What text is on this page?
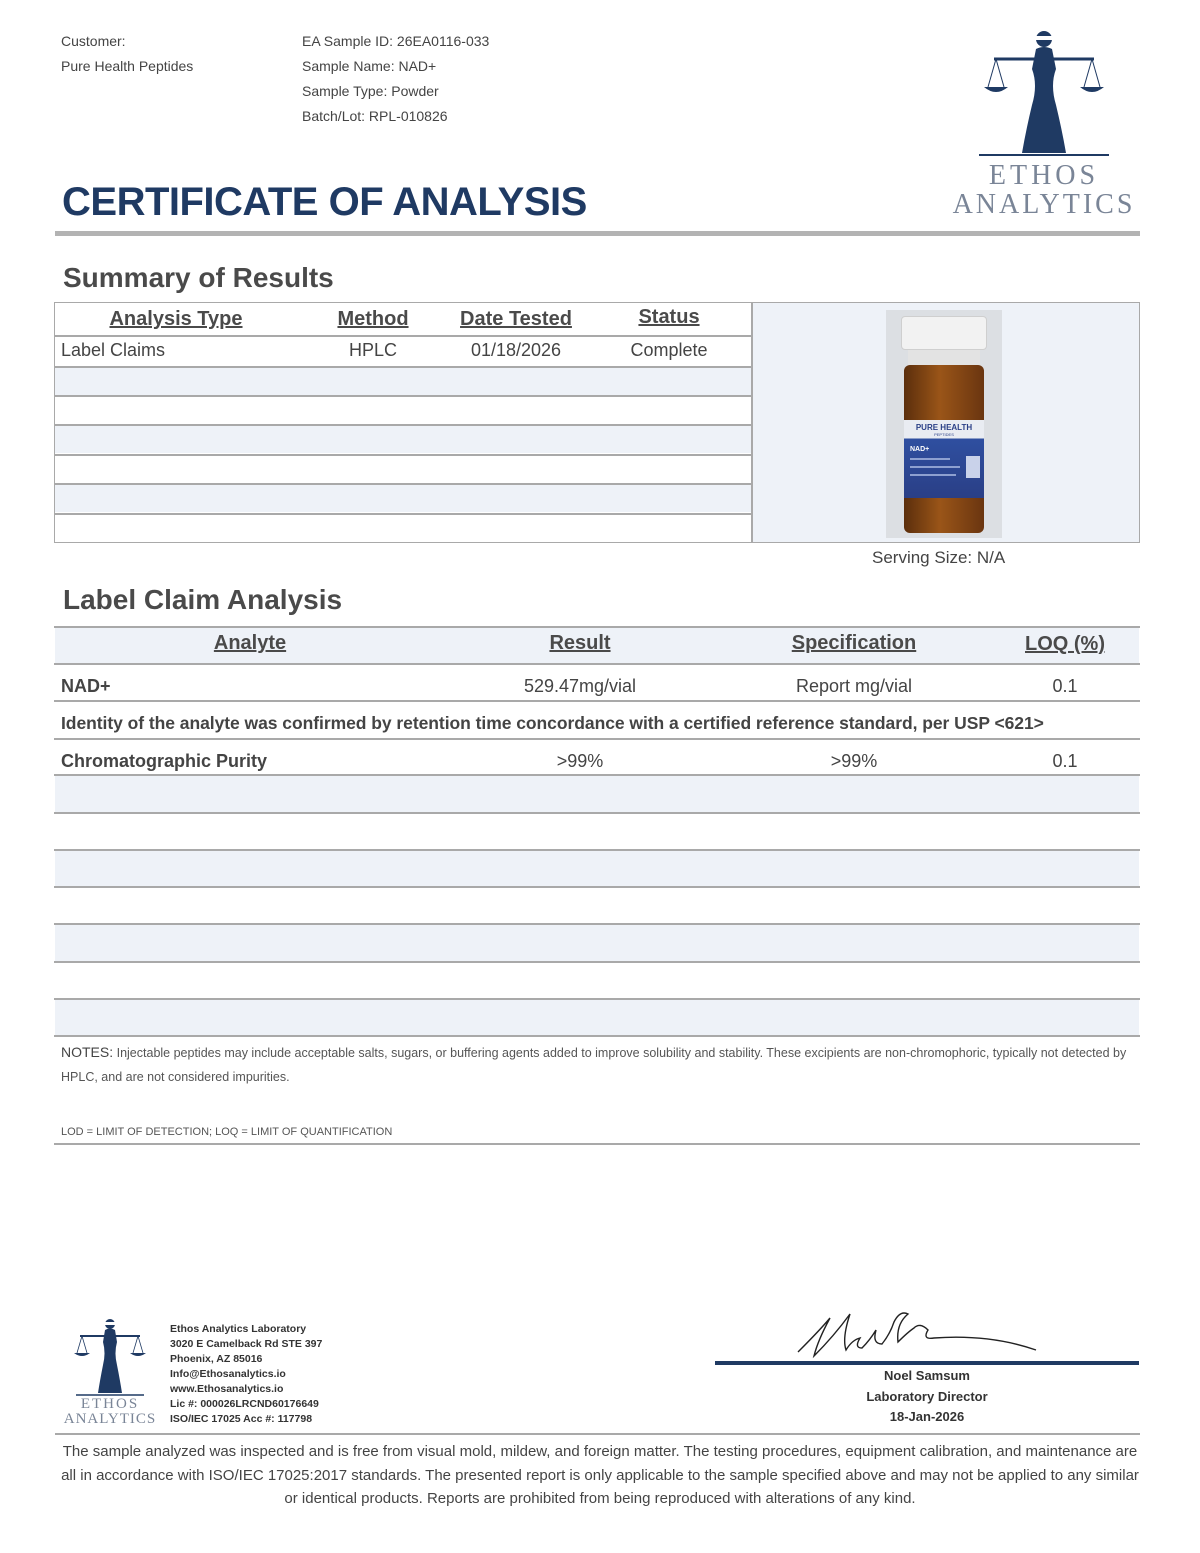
Customer:
Pure Health Peptides
EA Sample ID: 26EA0116-033
Sample Name: NAD+
Sample Type: Powder
Batch/Lot: RPL-010826
ETHOS
ANALYTICS
CERTIFICATE OF ANALYSIS
Summary of Results
Analysis Type	Method	Date Tested	Status
Label Claims	HPLC	01/18/2026	Complete
PURE HEALTH
PEPTIDES
NAD+
Serving Size: N/A
Label Claim Analysis
Analyte	Result	Specification	LOQ (%)
NAD+	529.47mg/vial	Report mg/vial	0.1
Identity of the analyte was confirmed by retention time concordance with a certified reference standard, per USP <621>
Chromatographic Purity	>99%	>99%	0.1
NOTES: Injectable peptides may include acceptable salts, sugars, or buffering agents added to improve solubility and stability. These excipients are non-chromophoric, typically not detected by HPLC, and are not considered impurities.
LOD = LIMIT OF DETECTION; LOQ = LIMIT OF QUANTIFICATION
ETHOS
ANALYTICS
Ethos Analytics Laboratory
3020 E Camelback Rd STE 397
Phoenix, AZ 85016
Info@Ethosanalytics.io
www.Ethosanalytics.io
Lic #: 000026LRCND60176649
ISO/IEC 17025 Acc #: 117798
Noel Samsum
Laboratory Director
18-Jan-2026
The sample analyzed was inspected and is free from visual mold, mildew, and foreign matter. The testing procedures, equipment calibration, and maintenance are all in accordance with ISO/IEC 17025:2017 standards. The presented report is only applicable to the sample specified above and may not be applied to any similar or identical products. Reports are prohibited from being reproduced with alterations of any kind.
